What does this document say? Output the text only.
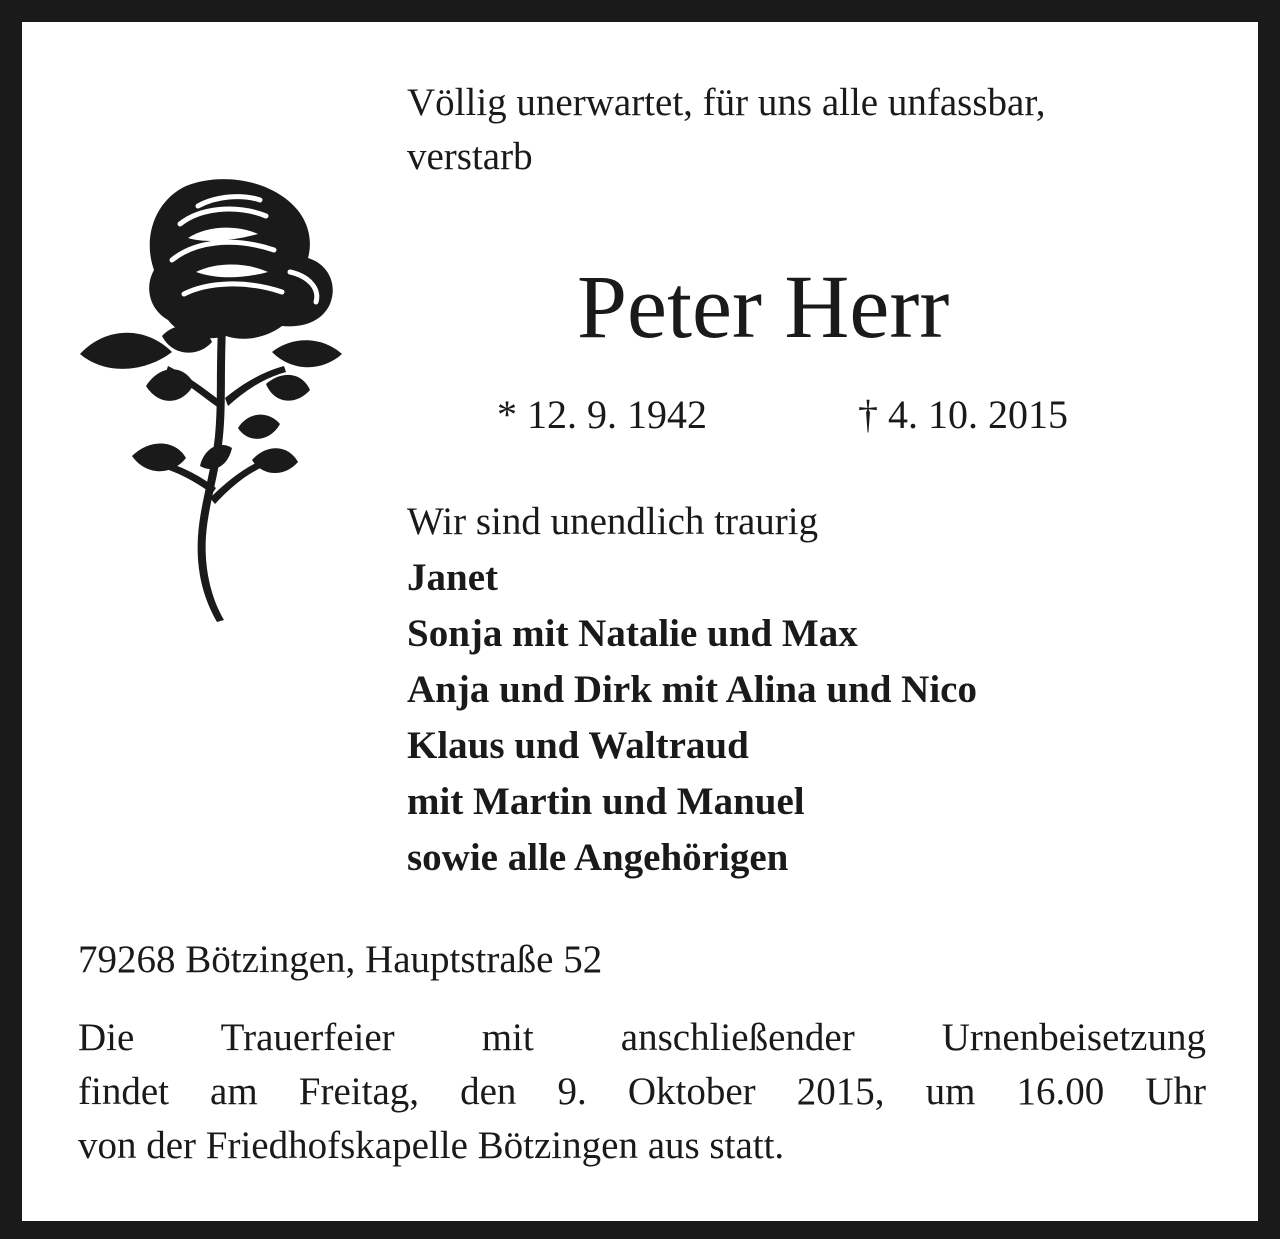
Völlig unerwartet, für uns alle unfassbar,
verstarb

Peter Herr

* 12. 9. 1942	† 4. 10. 2015
Wir sind unendlich traurig
Janet
Sonja mit Natalie und Max
Anja und Dirk mit Alina und Nico
Klaus und Waltraud
mit Martin und Manuel
sowie alle Angehörigen
79268 Bötzingen, Hauptstraße 52

Die Trauerfeier mit anschließender Urnenbeisetzung
findet am Freitag, den 9. Oktober 2015, um 16.00 Uhr
von der Friedhofskapelle Bötzingen aus statt.
